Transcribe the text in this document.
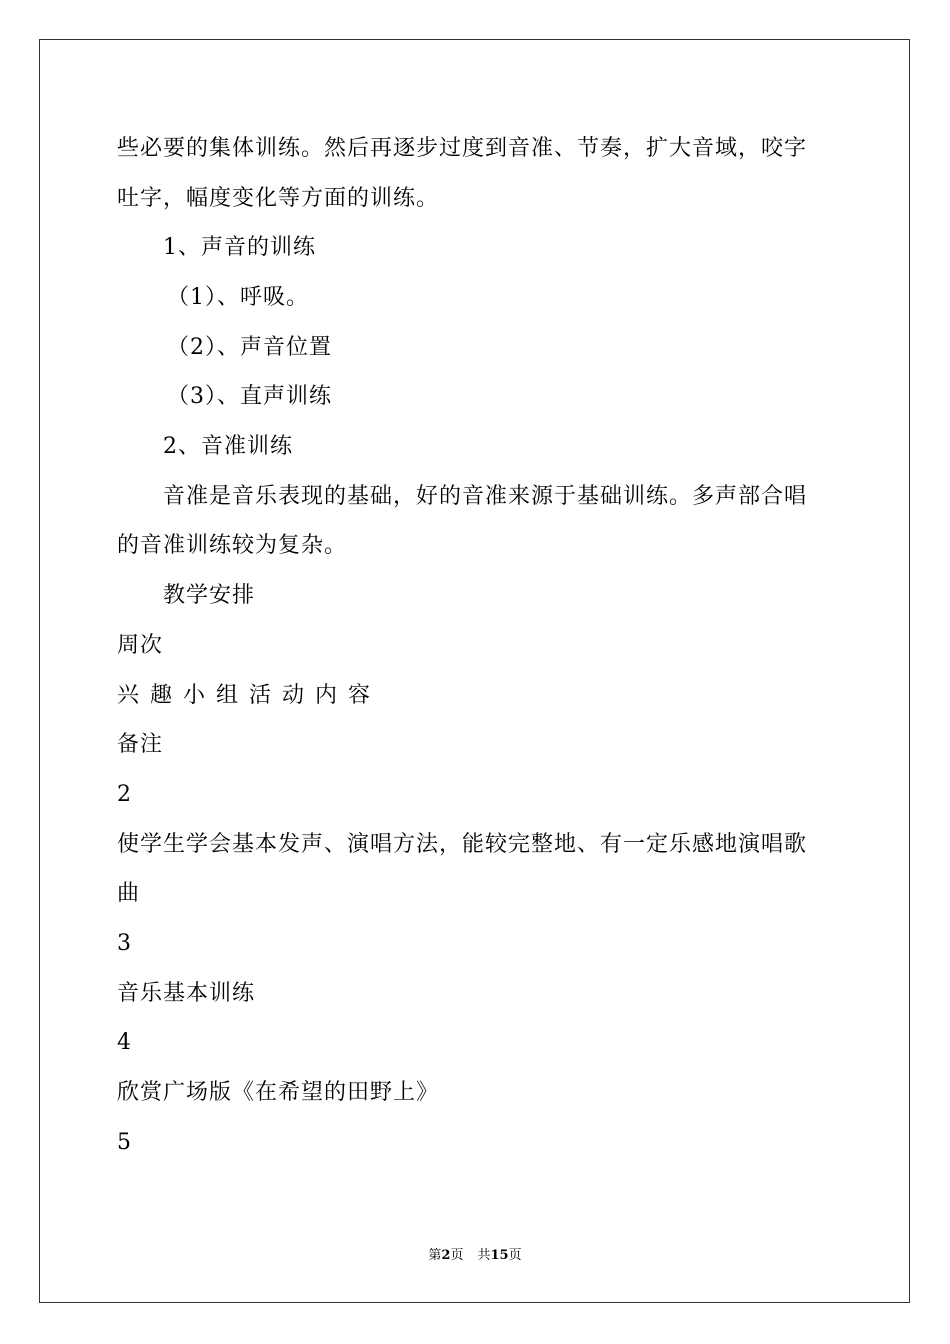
些必要的集体训练。然后再逐步过度到音准、节奏，扩大音域，咬字
吐字，幅度变化等方面的训练。
1、声音的训练
（1）、呼吸。
（2）、声音位置
（3）、直声训练
2、音准训练
音准是音乐表现的基础，好的音准来源于基础训练。多声部合唱
的音准训练较为复杂。
教学安排
周次
兴趣小组活动内容
备注
2
使学生学会基本发声、演唱方法，能较完整地、有一定乐感地演唱歌
曲
3
音乐基本训练
4
欣赏广场版《在希望的田野上》
5
第2页 共15页
